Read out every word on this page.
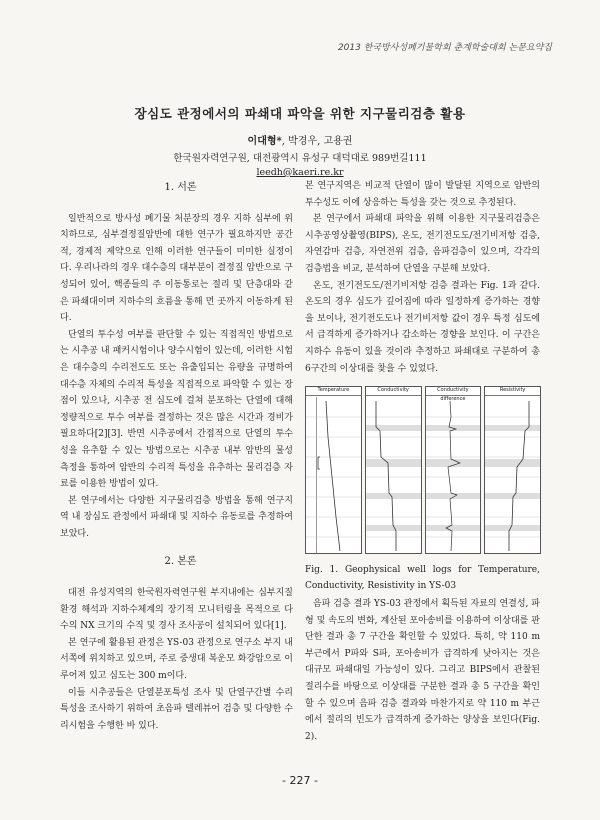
2013 한국방사성폐기물학회 춘계학술대회 논문요약집
장심도 관정에서의 파쇄대 파악을 위한 지구물리검층 활용
이대형*, 박경우, 고용권
한국원자력연구원, 대전광역시 유성구 대덕대로 989번길111
leedh@kaeri.re.kr

1. 서론

일반적으로 방사성 폐기물 처분장의 경우 지하 심부에 위치하므로, 심부결정질암반에 대한 연구가 필요하지만 공간적, 경제적 제약으로 인해 이러한 연구들이 미미한 실정이다. 우리나라의 경우 대수층의 대부분이 결정질 암반으로 구성되어 있어, 핵종들의 주 이동통로는 절리 및 단층대와 같은 파쇄대이며 지하수의 흐름을 통해 먼 곳까지 이동하게 된다.

단열의 투수성 여부를 판단할 수 있는 직접적인 방법으로는 시추공 내 패커시험이나 양수시험이 있는데, 이러한 시험은 대수층의 수리전도도 또는 유출입되는 유량을 규명하여 대수층 자체의 수리적 특성을 직접적으로 파악할 수 있는 장점이 있으나, 시추공 전 심도에 걸쳐 분포하는 단열에 대해 정량적으로 투수 여부를 결정하는 것은 많은 시간과 경비가 필요하다[2][3]. 반면 시추공에서 간접적으로 단열의 투수성을 유추할 수 있는 방법으로는 시추공 내부 암반의 물성 측정을 통하여 암반의 수리적 특성을 유추하는 물리검층 자료를 이용한 방법이 있다.

본 연구에서는 다양한 지구물리검층 방법을 통해 연구지역 내 장심도 관정에서 파쇄대 및 지하수 유동로를 추정하여 보았다.

2. 본론

대전 유성지역의 한국원자력연구원 부지내에는 심부지질환경 해석과 지하수체계의 장기적 모니터링을 목적으로 다수의 NX 크기의 수직 및 경사 조사공이 설치되어 있다[1].

본 연구에 활용된 관정은 YS-03 관정으로 연구소 부지 내 서쪽에 위치하고 있으며, 주로 중생대 복운모 화강암으로 이루어져 있고 심도는 300 m이다.

이들 시추공들은 단열분포특성 조사 및 단열구간별 수리특성을 조사하기 위하여 초음파 텔레뷰어 검층 및 다양한 수리시험을 수행한 바 있다.

본 연구지역은 비교적 단열이 많이 발달된 지역으로 암반의 투수성도 이에 상응하는 특성을 갖는 것으로 추정된다.

본 연구에서 파쇄대 파악을 위해 이용한 지구물리검층은 시추공영상촬영(BIPS), 온도, 전기전도도/전기비저항 검층, 자연감마 검층, 자연전위 검층, 음파검층이 있으며, 각각의 검층법을 비교, 분석하여 단열을 구분해 보았다.

온도, 전기전도도/전기비저항 검층 결과는 Fig. 1과 같다. 온도의 경우 심도가 깊어짐에 따라 일정하게 증가하는 경향을 보이나, 전기전도도나 전기비저항 값이 경우 특정 심도에서 급격하게 증가하거나 감소하는 경향을 보인다. 이 구간은 지하수 유동이 있을 것이라 추정하고 파쇄대로 구분하여 총 6구간의 이상대를 찾을 수 있었다.

Temperature	Conductivity	Conductivity difference
Resistivity
Fig. 1. Geophysical well logs for Temperature, Conductivity, Resistivity in YS-03

음파 검층 결과 YS-03 관정에서 획득된 자료의 연결성, 파형 및 속도의 변화, 계산된 포아송비를 이용하여 이상대를 판단한 결과 총 7 구간을 확인할 수 있었다. 특히, 약 110 m 부근에서 P파와 S파, 포아송비가 급격하게 낮아지는 것은 대규모 파쇄대일 가능성이 있다. 그리고 BIPS에서 관찰된 절리수를 바탕으로 이상대를 구분한 결과 총 5 구간을 확인할 수 있으며 음파 검층 결과와 마찬가지로 약 110 m 부근에서 절리의 빈도가 급격하게 증가하는 양상을 보인다(Fig. 2).

- 227 -
